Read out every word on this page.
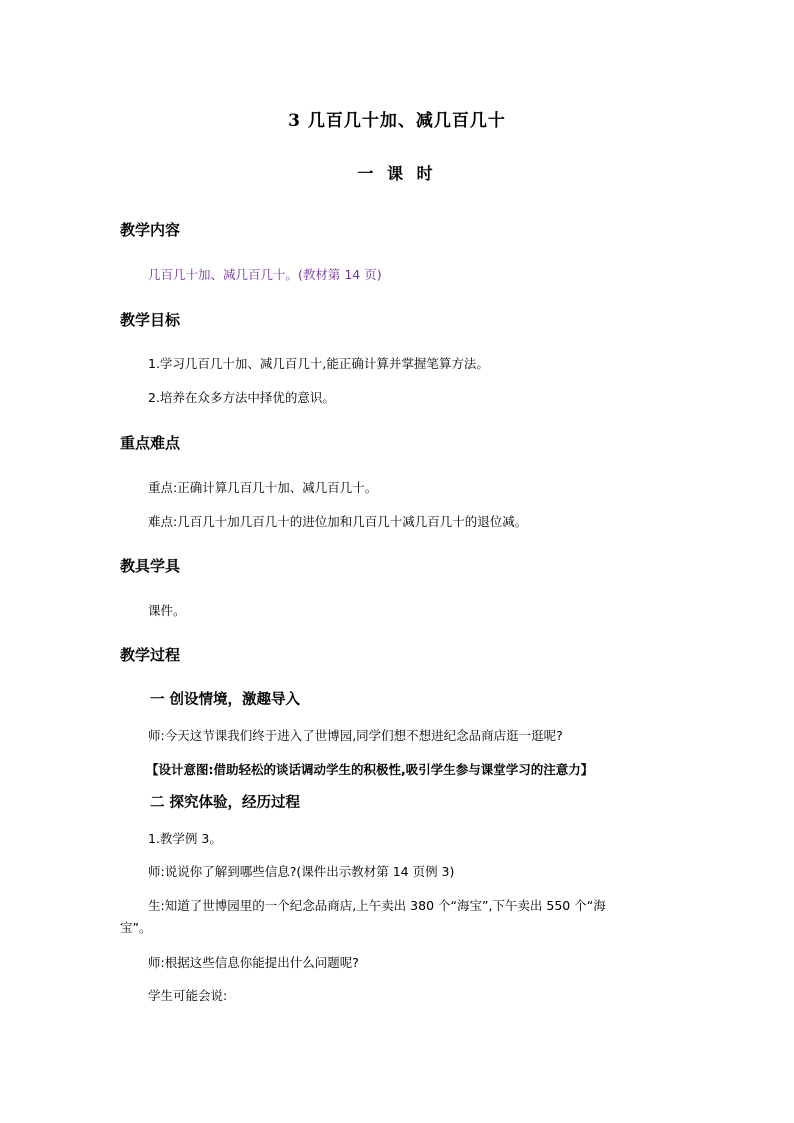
3 几百几十加、减几百几十
一 课 时
教学内容

几百几十加、减几百几十。(教材第 14 页)

教学目标

1.学习几百几十加、减几百几十,能正确计算并掌握笔算方法。

2.培养在众多方法中择优的意识。

重点难点

重点:正确计算几百几十加、减几百几十。

难点:几百几十加几百几十的进位加和几百几十减几百几十的退位减。

教具学具

课件。

教学过程
一 创设情境，激趣导入

师:今天这节课我们终于进入了世博园,同学们想不想进纪念品商店逛一逛呢?

【设计意图:借助轻松的谈话调动学生的积极性,吸引学生参与课堂学习的注意力】

二 探究体验，经历过程

1.教学例 3。

师:说说你了解到哪些信息?(课件出示教材第 14 页例 3)

生:知道了世博园里的一个纪念品商店,上午卖出 380 个“海宝”,下午卖出 550 个“海

宝”。

师:根据这些信息你能提出什么问题呢?

学生可能会说:
